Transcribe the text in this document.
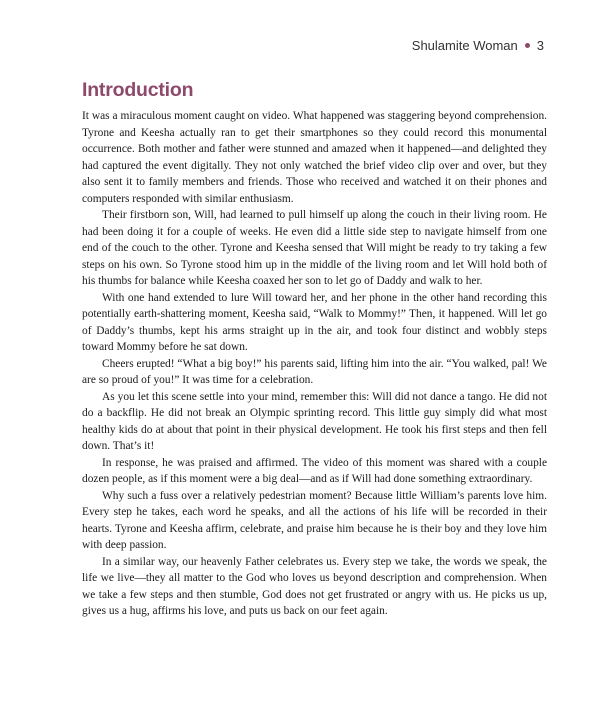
Shulamite Woman 3
Introduction

It was a miraculous moment caught on video. What happened was staggering beyond comprehension. Tyrone and Keesha actually ran to get their smartphones so they could record this monumental occurrence. Both mother and father were stunned and amazed when it happened—and delighted they had captured the event digitally. They not only watched the brief video clip over and over, but they also sent it to family members and friends. Those who received and watched it on their phones and computers responded with similar enthusiasm.

Their firstborn son, Will, had learned to pull himself up along the couch in their living room. He had been doing it for a couple of weeks. He even did a little side step to navigate himself from one end of the couch to the other. Tyrone and Keesha sensed that Will might be ready to try taking a few steps on his own. So Tyrone stood him up in the middle of the living room and let Will hold both of his thumbs for balance while Keesha coaxed her son to let go of Daddy and walk to her.

With one hand extended to lure Will toward her, and her phone in the other hand recording this potentially earth-shattering moment, Keesha said, “Walk to Mommy!” Then, it happened. Will let go of Daddy’s thumbs, kept his arms straight up in the air, and took four distinct and wobbly steps toward Mommy before he sat down.

Cheers erupted! “What a big boy!” his parents said, lifting him into the air. “You walked, pal! We are so proud of you!” It was time for a celebration.

As you let this scene settle into your mind, remember this: Will did not dance a tango. He did not do a backflip. He did not break an Olympic sprinting record. This little guy simply did what most healthy kids do at about that point in their physical development. He took his first steps and then fell down. That’s it!

In response, he was praised and affirmed. The video of this moment was shared with a couple dozen people, as if this moment were a big deal—and as if Will had done something extraordinary.

Why such a fuss over a relatively pedestrian moment? Because little William’s parents love him. Every step he takes, each word he speaks, and all the actions of his life will be recorded in their hearts. Tyrone and Keesha affirm, celebrate, and praise him because he is their boy and they love him with deep passion.

In a similar way, our heavenly Father celebrates us. Every step we take, the words we speak, the life we live—they all matter to the God who loves us beyond description and comprehension. When we take a few steps and then stumble, God does not get frustrated or angry with us. He picks us up, gives us a hug, affirms his love, and puts us back on our feet again.
